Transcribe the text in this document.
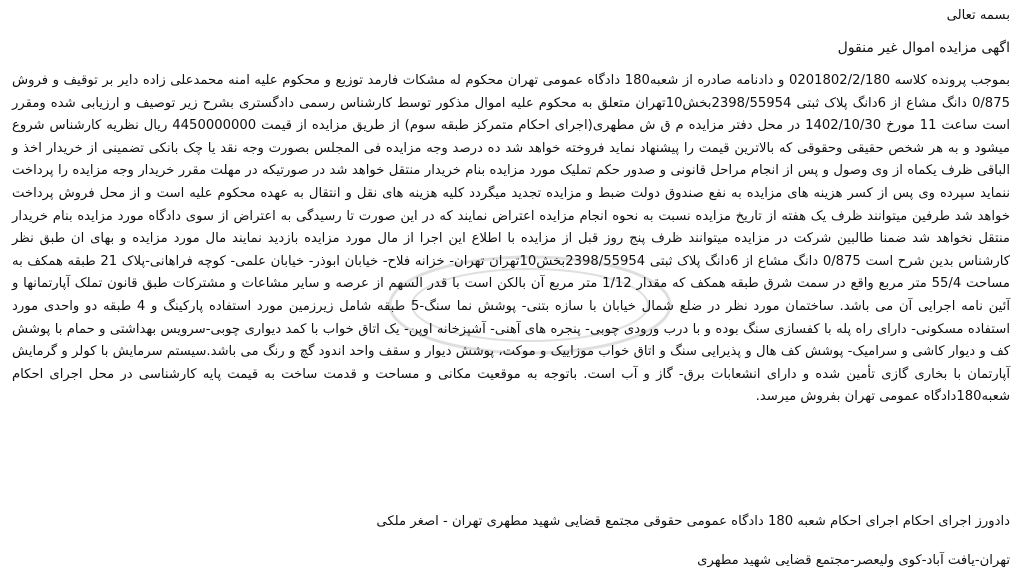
بسمه تعالی
اگهی مزایده اموال غیر منقول

بموجب پرونده کلاسه 0201802/2/180 و دادنامه صادره از شعبه180 دادگاه عمومی تهران محکوم له مشکات فارمد توزیع و محکوم علیه امنه محمدعلی زاده دایر بر توقیف و فروش 0/875 دانگ مشاع از 6دانگ پلاک ثبتی 2398/55954بخش10تهران متعلق به محکوم علیه اموال مذکور توسط کارشناس رسمی دادگستری بشرح زیر توصیف و ارزیابی شده ومقرر است ساعت 11 مورخ 1402/10/30 در محل دفتر مزایده م ق ش مطهری(اجرای احکام متمرکز طبقه سوم) از طریق مزایده از قیمت 4450000000 ریال نظریه کارشناس شروع میشود و به هر شخص حقیقی وحقوقی که بالاترین قیمت را پیشنهاد نماید فروخته خواهد شد ده درصد وجه مزایده فی المجلس بصورت وجه نقد یا چک بانکی تضمینی از خریدار اخذ و الباقی ظرف یکماه از وی وصول و پس از انجام مراحل قانونی و صدور حکم تملیک مورد مزایده بنام خریدار منتقل خواهد شد در صورتیکه در مهلت مقرر خریدار وجه مزایده را پرداخت ننماید سپرده وی پس از کسر هزینه های مزایده به نفع صندوق دولت ضبط و مزایده تجدید میگردد کلیه هزینه های نقل و انتقال به عهده محکوم علیه است و از محل فروش پرداخت خواهد شد طرفین میتوانند ظرف یک هفته از تاریخ مزایده نسبت به نحوه انجام مزایده اعتراض نمایند که در این صورت تا رسیدگی به اعتراض از سوی دادگاه مورد مزایده بنام خریدار منتقل نخواهد شد ضمنا طالبین شرکت در مزایده میتوانند ظرف پنج روز قبل از مزایده با اطلاع این اجرا از مال مورد مزایده بازدید نمایند مال مورد مزایده و بهای ان طبق نظر کارشناس بدین شرح است 0/875 دانگ مشاع از 6دانگ پلاک ثبتی 2398/55954بخش10تهران تهران- خزانه فلاح- خیابان ابوذر- خیابان علمی- کوچه فراهانی-پلاک 21 طبقه همکف به مساحت 55/4 متر مربع واقع در سمت شرق طبقه همکف که مقدار 1/12 متر مربع آن بالکن است با قدر السهم از عرصه و سایر مشاعات و مشترکات طبق قانون تملک آپارتمانها و آئین نامه اجرایی آن می باشد. ساختمان مورد نظر در ضلع شمال خیابان با سازه بتنی- پوشش نما سنگ-5 طبقه شامل زیرزمین مورد استفاده پارکینگ و 4 طبقه دو واحدی مورد استفاده مسکونی- دارای راه پله با کفسازی سنگ بوده و با درب ورودی چوبی- پنجره های آهنی- آشپزخانه اوپن- یک اتاق خواب با کمد دیواری چوبی-سرویس بهداشتی و حمام با پوشش کف و دیوار کاشی و سرامیک- پوشش کف هال و پذیرایی سنگ و اتاق خواب موزاییک و موکت، پوشش دیوار و سقف واحد اندود گچ و رنگ می باشد.سیستم سرمایش با کولر و گرمایش آپارتمان با بخاری گازی تأمین شده و دارای انشعابات برق- گاز و آب است. باتوجه به موقعیت مکانی و مساحت و قدمت ساخت به قیمت پایه کارشناسی در محل اجرای احکام شعبه180دادگاه عمومی تهران بفروش میرسد.

دادورز اجرای احکام اجرای احکام شعبه 180 دادگاه عمومی حقوقی مجتمع قضایی شهید مطهری تهران - اصغر ملکی
تهران-یافت آباد-کوی ولیعصر-مجتمع قضایی شهید مطهری
